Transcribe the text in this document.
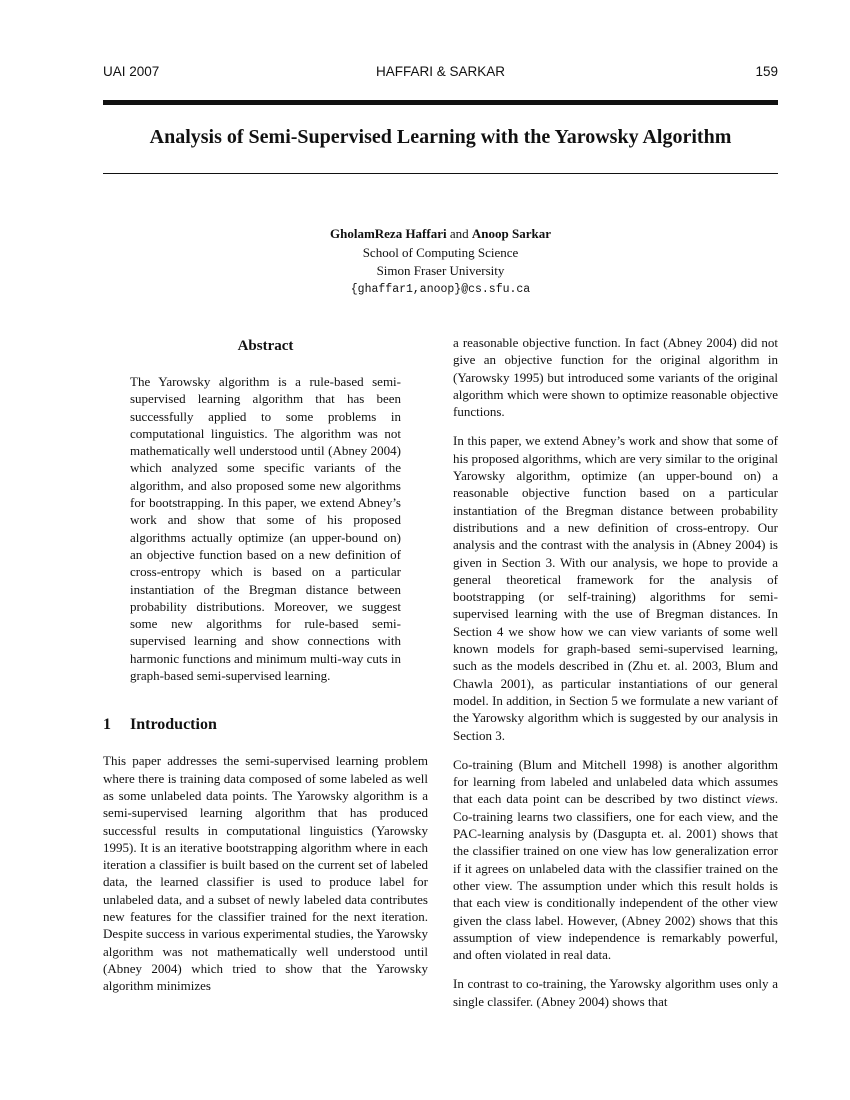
UAI 2007	HAFFARI & SARKAR	159
Analysis of Semi-Supervised Learning with the Yarowsky Algorithm
GholamReza Haffari and Anoop Sarkar
School of Computing Science
Simon Fraser University
{ghaffar1,anoop}@cs.sfu.ca
Abstract
The Yarowsky algorithm is a rule-based semi-supervised learning algorithm that has been successfully applied to some problems in computational linguistics. The algorithm was not mathematically well understood until (Abney 2004) which analyzed some specific variants of the algorithm, and also proposed some new algorithms for bootstrapping. In this paper, we extend Abney’s work and show that some of his proposed algorithms actually optimize (an upper-bound on) an objective function based on a new definition of cross-entropy which is based on a particular instantiation of the Bregman distance between probability distributions. Moreover, we suggest some new algorithms for rule-based semi-supervised learning and show connections with harmonic functions and minimum multi-way cuts in graph-based semi-supervised learning.
1 Introduction

This paper addresses the semi-supervised learning problem where there is training data composed of some labeled as well as some unlabeled data points. The Yarowsky algorithm is a semi-supervised learning algorithm that has produced successful results in computational linguistics (Yarowsky 1995). It is an iterative bootstrapping algorithm where in each iteration a classifier is built based on the current set of labeled data, the learned classifier is used to produce label for unlabeled data, and a subset of newly labeled data contributes new features for the classifier trained for the next iteration. Despite success in various experimental studies, the Yarowsky algorithm was not mathematically well understood until (Abney 2004) which tried to show that the Yarowsky algorithm minimizes

a reasonable objective function. In fact (Abney 2004) did not give an objective function for the original algorithm in (Yarowsky 1995) but introduced some variants of the original algorithm which were shown to optimize reasonable objective functions.

In this paper, we extend Abney’s work and show that some of his proposed algorithms, which are very similar to the original Yarowsky algorithm, optimize (an upper-bound on) a reasonable objective function based on a particular instantiation of the Bregman distance between probability distributions and a new definition of cross-entropy. Our analysis and the contrast with the analysis in (Abney 2004) is given in Section 3. With our analysis, we hope to provide a general theoretical framework for the analysis of bootstrapping (or self-training) algorithms for semi-supervised learning with the use of Bregman distances. In Section 4 we show how we can view variants of some well known models for graph-based semi-supervised learning, such as the models described in (Zhu et. al. 2003, Blum and Chawla 2001), as particular instantiations of our general model. In addition, in Section 5 we formulate a new variant of the Yarowsky algorithm which is suggested by our analysis in Section 3.

Co-training (Blum and Mitchell 1998) is another algorithm for learning from labeled and unlabeled data which assumes that each data point can be described by two distinct views. Co-training learns two classifiers, one for each view, and the PAC-learning analysis by (Dasgupta et. al. 2001) shows that the classifier trained on one view has low generalization error if it agrees on unlabeled data with the classifier trained on the other view. The assumption under which this result holds is that each view is conditionally independent of the other view given the class label. However, (Abney 2002) shows that this assumption of view independence is remarkably powerful, and often violated in real data.

In contrast to co-training, the Yarowsky algorithm uses only a single classifer. (Abney 2004) shows that
